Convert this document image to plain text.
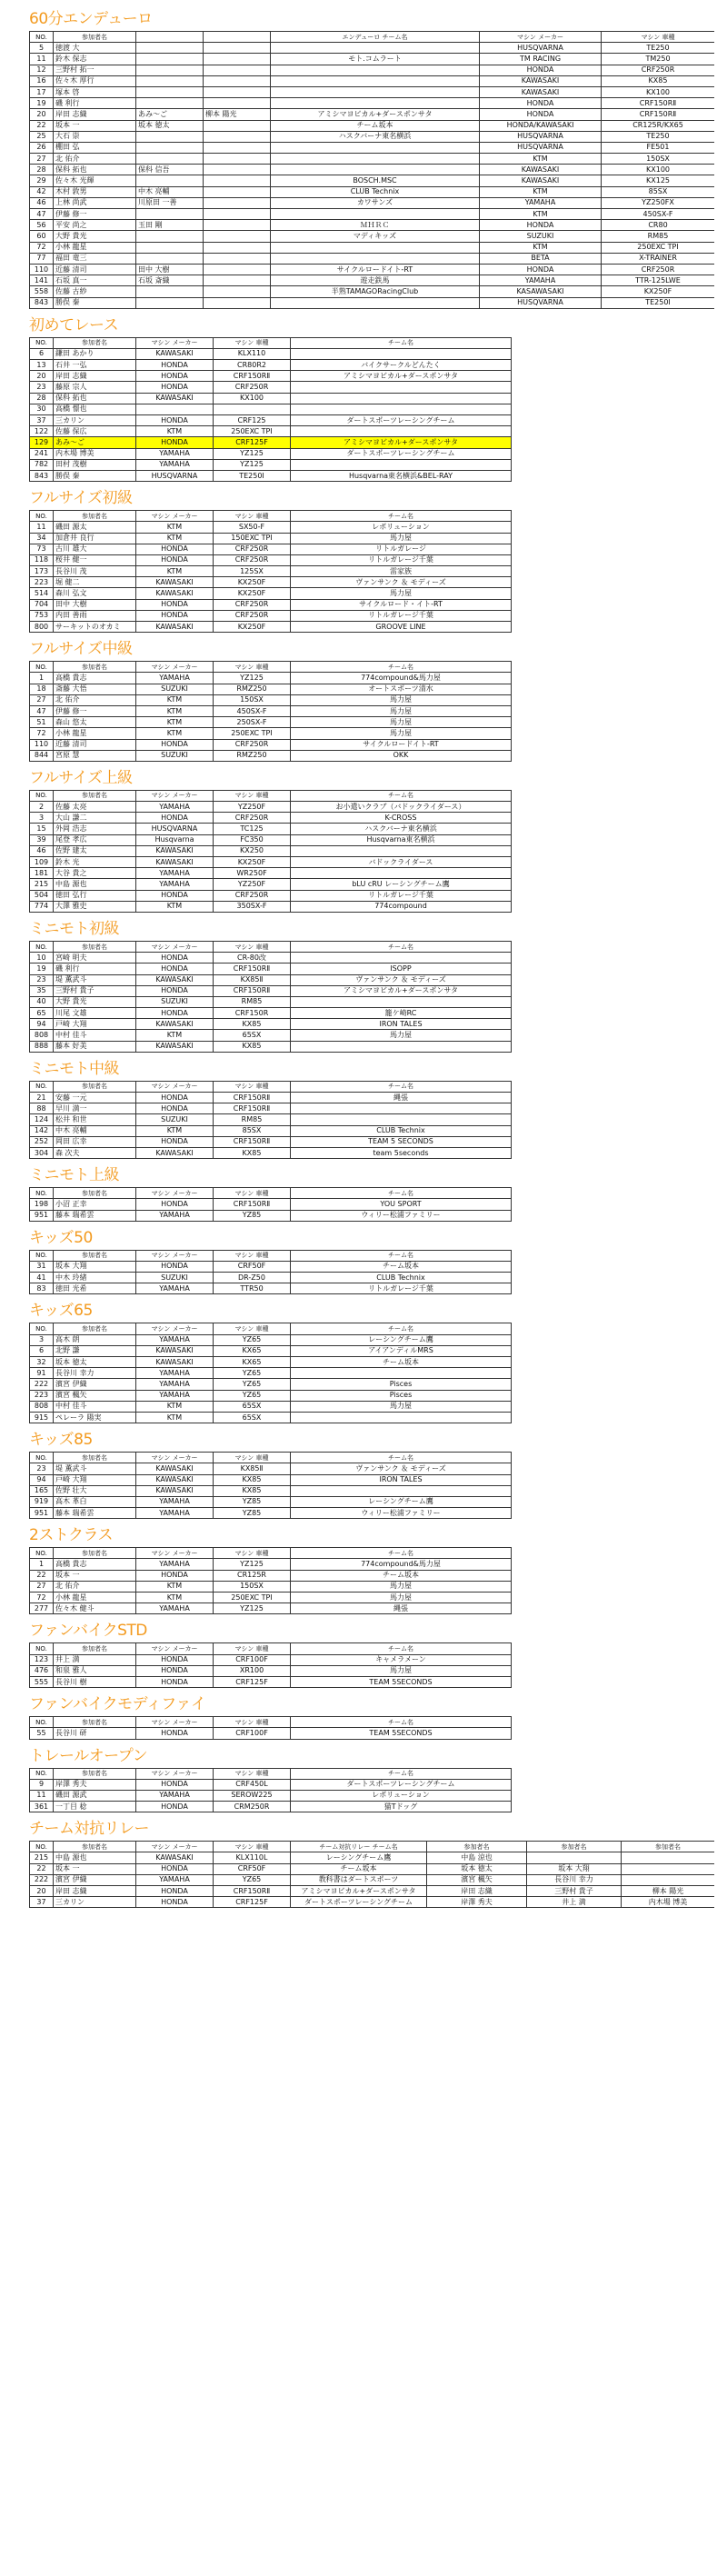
60分エンデューロ
NO.	参加者名			エンデューロ チーム名	マシン メーカー	マシン 車種
5	徳渡 大				HUSQVARNA	TE250
11	鈴木 保志			モト.コムラート	TM RACING	TM250
12	三野村 拓一				HONDA	CRF250R
16	佐々木 厚行				KAWASAKI	KX85
17	塚本 啓				KAWASAKI	KX100
19	磯 利行				HONDA	CRF150RⅡ
20	岸田 志織	あみ～ご	柳本 陽光	アミシマヨビカル+ダースポンサタ	HONDA	CRF150RⅡ
22	坂本 一	坂本 徳太		チーム坂本	HONDA/KAWASAKI	CR125R/KX65
25	大石 崇			ハスクバーナ東名横浜	HUSQVARNA	TE250
26	棚田 弘				HUSQVARNA	FE501
27	北 佑介				KTM	150SX
28	保科 拓也	保科 信吾			KAWASAKI	KX100
29	佐々木 光輝			BOSCH.MSC	KAWASAKI	KX125
42	木村 敦男	中木 亮輔		CLUB Technix	KTM	85SX
46	上林 尚武	川原田 一善		カワサンズ	YAMAHA	YZ250FX
47	伊藤 修一				KTM	450SX-F
56	平安 尚之	玉田 剛		ＭＨＲＣ	HONDA	CR80
60	大野 貴光			マディキッズ	SUZUKI	RM85
72	小林 龍星				KTM	250EXC TPI
77	福田 竜三				BETA	X-TRAINER
110	近藤 清司	田中 大樹		サイクルロードイト-RT	HONDA	CRF250R
141	石坂 真一	石坂 斎織		遊走鉄馬	YAMAHA	TTR-125LWE
558	佐藤 古紗			半熟TAMAGORacingClub	KASAWASAKI	KX250F
843	勝俣 秦				HUSQVARNA	TE250I
初めてレース
NO.	参加者名	マシン メーカー	マシン 車種	チーム名
6	鎌田 あかり	KAWASAKI	KLX110	
13	石井 一弘	HONDA	CR80R2	バイクサークルどんたく
20	岸田 志織	HONDA	CRF150RⅡ	アミシマヨビカル+ダースポンサタ
23	藤原 宗人	HONDA	CRF250R	
28	保科 拓也	KAWASAKI	KX100	
30	高橋 憬也			
37	三カリン	HONDA	CRF125	ダートスポーツレーシングチーム
122	佐藤 保広	KTM	250EXC TPI	
129	あみ～ご	HONDA	CRF125F	アミシマヨビカル+ダースポンサタ
241	内木場 博美	YAMAHA	YZ125	ダートスポーツレーシングチーム
782	田村 茂樹	YAMAHA	YZ125	
843	勝俣 秦	HUSQVARNA	TE250I	Husqvarna東名横浜&BEL-RAY
フルサイズ初級
NO.	参加者名	マシン メーカー	マシン 車種	チーム名
11	磯田 源太	KTM	SX50-F	レボリューション
34	加倉井 良行	KTM	150EXC TPI	馬力屋
73	古川 雄大	HONDA	CRF250R	リトルガレージ
118	桜井 健一	HONDA	CRF250R	リトルガレージ千葉
173	長谷川 茂	KTM	125SX	雷家族
223	堀 健二	KAWASAKI	KX250F	ヴァンサンク ＆ モディーズ
514	森川 弘文	KAWASAKI	KX250F	馬力屋
704	田中 大樹	HONDA	CRF250R	サイクルロード・イト-RT
753	内田 善雨	HONDA	CRF250R	リトルガレージ千葉
800	サーキットのオカミ	KAWASAKI	KX250F	GROOVE LINE
フルサイズ中級
NO.	参加者名	マシン メーカー	マシン 車種	チーム名
1	高橋 貴志	YAMAHA	YZ125	774compound&馬力屋
18	斎藤 大悟	SUZUKI	RMZ250	オートスポーツ清水
27	北 佑介	KTM	150SX	馬力屋
47	伊藤 修一	KTM	450SX-F	馬力屋
51	森山 悠太	KTM	250SX-F	馬力屋
72	小林 龍星	KTM	250EXC TPI	馬力屋
110	近藤 清司	HONDA	CRF250R	サイクルロードイト-RT
844	宮原 慧	SUZUKI	RMZ250	OKK
フルサイズ上級
NO.	参加者名	マシン メーカー	マシン 車種	チーム名
2	佐藤 太亮	YAMAHA	YZ250F	お小遣いクラブ（バドックライダース）
3	大山 謙二	HONDA	CRF250R	K-CROSS
15	外岡 浩志	HUSQVARNA	TC125	ハスクバーナ東名横浜
39	尾登 孝広	Husqvarna	FC350	Husqvarna東名横浜
46	佐野 建太	KAWASAKI	KX250	
109	鈴木 光	KAWASAKI	KX250F	バドックライダース
181	大谷 貴之	YAMAHA	WR250F	
215	中島 源也	YAMAHA	YZ250F	bLU cRU レーシングチーム鷹
504	徳田 弘行	HONDA	CRF250R	リトルガレージ千葉
774	大澤 雅史	KTM	350SX-F	774compound
ミニモト初級
NO.	参加者名	マシン メーカー	マシン 車種	チーム名
10	宮崎 明夫	HONDA	CR-80改	
19	磯 利行	HONDA	CRF150RⅡ	ISOPP
23	堤 薫武斗	KAWASAKI	KX85Ⅱ	ヴァンサンク ＆ モディーズ
35	三野村 貴子	HONDA	CRF150RⅡ	アミシマヨビカル+ダースポンサタ
40	大野 貴光	SUZUKI	RM85	
65	川尾 文雄	HONDA	CRF150R	籠ケ崎RC
94	戸崎 大翔	KAWASAKI	KX85	IRON TALES
808	中村 佳斗	KTM	65SX	馬力屋
888	藤本 好美	KAWASAKI	KX85	
ミニモト中級
NO.	参加者名	マシン メーカー	マシン 車種	チーム名
21	安藤 一元	HONDA	CRF150RⅡ	縄張
88	早川 満一	HONDA	CRF150RⅡ	
124	松井 和世	SUZUKI	RM85	
142	中木 亮輔	KTM	85SX	CLUB Technix
252	岡田 広幸	HONDA	CRF150RⅡ	TEAM 5 SECONDS
304	森 次夫	KAWASAKI	KX85	team 5seconds
ミニモト上級
NO.	参加者名	マシン メーカー	マシン 車種	チーム名
198	小沼 正幸	HONDA	CRF150RⅡ	YOU SPORT
951	藤本 瑞希雲	YAMAHA	YZ85	ウィリー松浦ファミリー
キッズ50
NO.	参加者名	マシン メーカー	マシン 車種	チーム名
31	坂本 大翔	HONDA	CRF50F	チーム坂本
41	中木 玲緒	SUZUKI	DR-Z50	CLUB Technix
83	徳田 光希	YAMAHA	TTR50	リトルガレージ千葉
キッズ65
NO.	参加者名	マシン メーカー	マシン 車種	チーム名
3	高木 朗	YAMAHA	YZ65	レーシングチーム鷹
6	北野 謙	KAWASAKI	KX65	アイアンディルMRS
32	坂本 徳太	KAWASAKI	KX65	チーム坂本
91	長谷川 幸力	YAMAHA	YZ65	
222	濱宮 伊織	YAMAHA	YZ65	Pisces
223	濱宮 楓矢	YAMAHA	YZ65	Pisces
808	中村 佳斗	KTM	65SX	馬力屋
915	ペレーラ 陽実	KTM	65SX	
キッズ85
NO.	参加者名	マシン メーカー	マシン 車種	チーム名
23	堤 薫武斗	KAWASAKI	KX85Ⅱ	ヴァンサンク ＆ モディーズ
94	戸崎 大翔	KAWASAKI	KX85	IRON TALES
165	佐野 壮大	KAWASAKI	KX85	
919	高木 革白	YAMAHA	YZ85	レーシングチーム鷹
951	藤本 瑞希雲	YAMAHA	YZ85	ウィリー松浦ファミリー
2ストクラス
NO.	参加者名	マシン メーカー	マシン 車種	チーム名
1	高橋 貴志	YAMAHA	YZ125	774compound&馬力屋
22	坂本 一	HONDA	CR125R	チーム坂本
27	北 佑介	KTM	150SX	馬力屋
72	小林 龍星	KTM	250EXC TPI	馬力屋
277	佐々木 健斗	YAMAHA	YZ125	縄張
ファンバイクSTD
NO.	参加者名	マシン メーカー	マシン 車種	チーム名
123	井上 満	HONDA	CRF100F	キャメラメーン
476	和泉 雅人	HONDA	XR100	馬力屋
555	長谷川 樹	HONDA	CRF125F	TEAM 5SECONDS
ファンバイクモディファイ
NO.	参加者名	マシン メーカー	マシン 車種	チーム名
55	長谷川 研	HONDA	CRF100F	TEAM 5SECONDS
トレールオープン
NO.	参加者名	マシン メーカー	マシン 車種	チーム名
9	岸澤 秀夫	HONDA	CRF450L	ダートスポーツレーシングチーム
11	磯田 源武	YAMAHA	SEROW225	レボリューション
361	一丁目 稔	HONDA	CRM250R	猫Tドッグ
チーム対抗リレー
NO.	参加者名	マシン メーカー	マシン 車種	チーム対抗リレー チーム名	参加者名	参加者名	参加者名
215	中島 源也	KAWASAKI	KLX110L	レーシングチーム鷹	中島 涼也		
22	坂本 一	HONDA	CRF50F	チーム坂本	坂本 徳太	坂本 大翔	
222	濱宮 伊織	YAMAHA	YZ65	教科書はダートスポーツ	濱宮 楓矢	長谷川 幸力	
20	岸田 志織	HONDA	CRF150RⅡ	アミシマヨビカル+ダースポンサタ	岸田 志織	三野村 貴子	柳本 陽光
37	三カリン	HONDA	CRF125F	ダートスポーツレーシングチーム	岸澤 秀夫	井上 満	内木場 博美
